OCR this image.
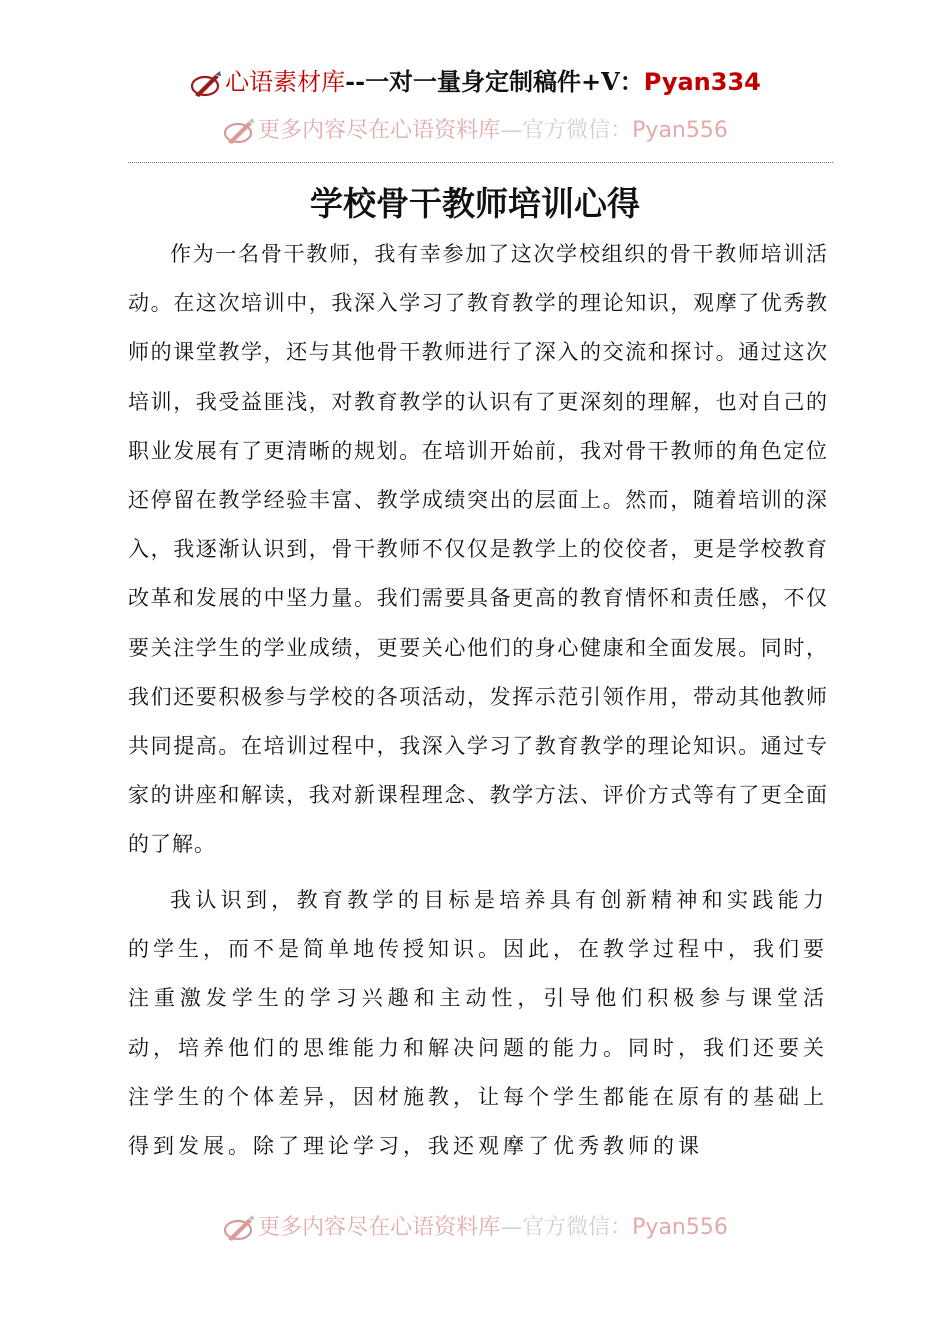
心语素材库--一对一量身定制稿件+V：Pyan334
更多内容尽在心语资料库—官方微信：Pyan556
学校骨干教师培训心得

作为一名骨干教师，我有幸参加了这次学校组织的骨干教师培训活动。在这次培训中，我深入学习了教育教学的理论知识，观摩了优秀教师的课堂教学，还与其他骨干教师进行了深入的交流和探讨。通过这次培训，我受益匪浅，对教育教学的认识有了更深刻的理解，也对自己的职业发展有了更清晰的规划。在培训开始前，我对骨干教师的角色定位还停留在教学经验丰富、教学成绩突出的层面上。然而，随着培训的深入，我逐渐认识到，骨干教师不仅仅是教学上的佼佼者，更是学校教育改革和发展的中坚力量。我们需要具备更高的教育情怀和责任感，不仅要关注学生的学业成绩，更要关心他们的身心健康和全面发展。同时，我们还要积极参与学校的各项活动，发挥示范引领作用，带动其他教师共同提高。在培训过程中，我深入学习了教育教学的理论知识。通过专家的讲座和解读，我对新课程理念、教学方法、评价方式等有了更全面的了解。

我认识到，教育教学的目标是培养具有创新精神和实践能力的学生，而不是简单地传授知识。因此，在教学过程中，我们要注重激发学生的学习兴趣和主动性，引导他们积极参与课堂活动，培养他们的思维能力和解决问题的能力。同时，我们还要关注学生的个体差异，因材施教，让每个学生都能在原有的基础上得到发展。除了理论学习，我还观摩了优秀教师的课

更多内容尽在心语资料库—官方微信：Pyan556
